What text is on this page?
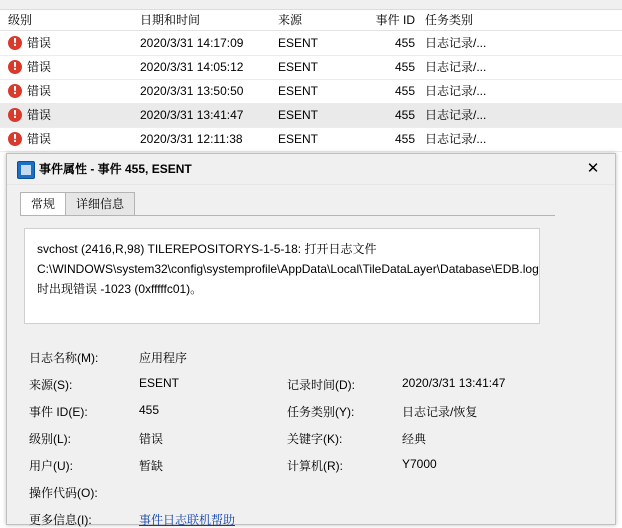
级别	日期和时间	来源	事件 ID 任务类别
! 错误	2020/3/31 14:17:09	ESENT	455 日志记录/...
! 错误	2020/3/31 14:05:12	ESENT	455 日志记录/...
! 错误	2020/3/31 13:50:50	ESENT	455 日志记录/...
! 错误	2020/3/31 13:41:47	ESENT	455 日志记录/...
! 错误	2020/3/31 12:11:38	ESENT	455 日志记录/...
事件属性 - 事件 455, ESENT	✕
常规	详细信息
svchost (2416,R,98) TILEREPOSITORYS-1-5-18: 打开日志文件 C:\WINDOWS\system32\config\systemprofile\AppData\Local\TileDataLayer\Database\EDB.log 时出现错误 -1023 (0xfffffc01)。
日志名称(M):	应用程序
来源(S):	ESENT	记录时间(D):	2020/3/31 13:41:47
事件 ID(E):	455	任务类别(Y):	日志记录/恢复
级别(L):	错误	关键字(K):	经典
用户(U):	暂缺	计算机(R):	Y7000
操作代码(O):
更多信息(I):	事件日志联机帮助
